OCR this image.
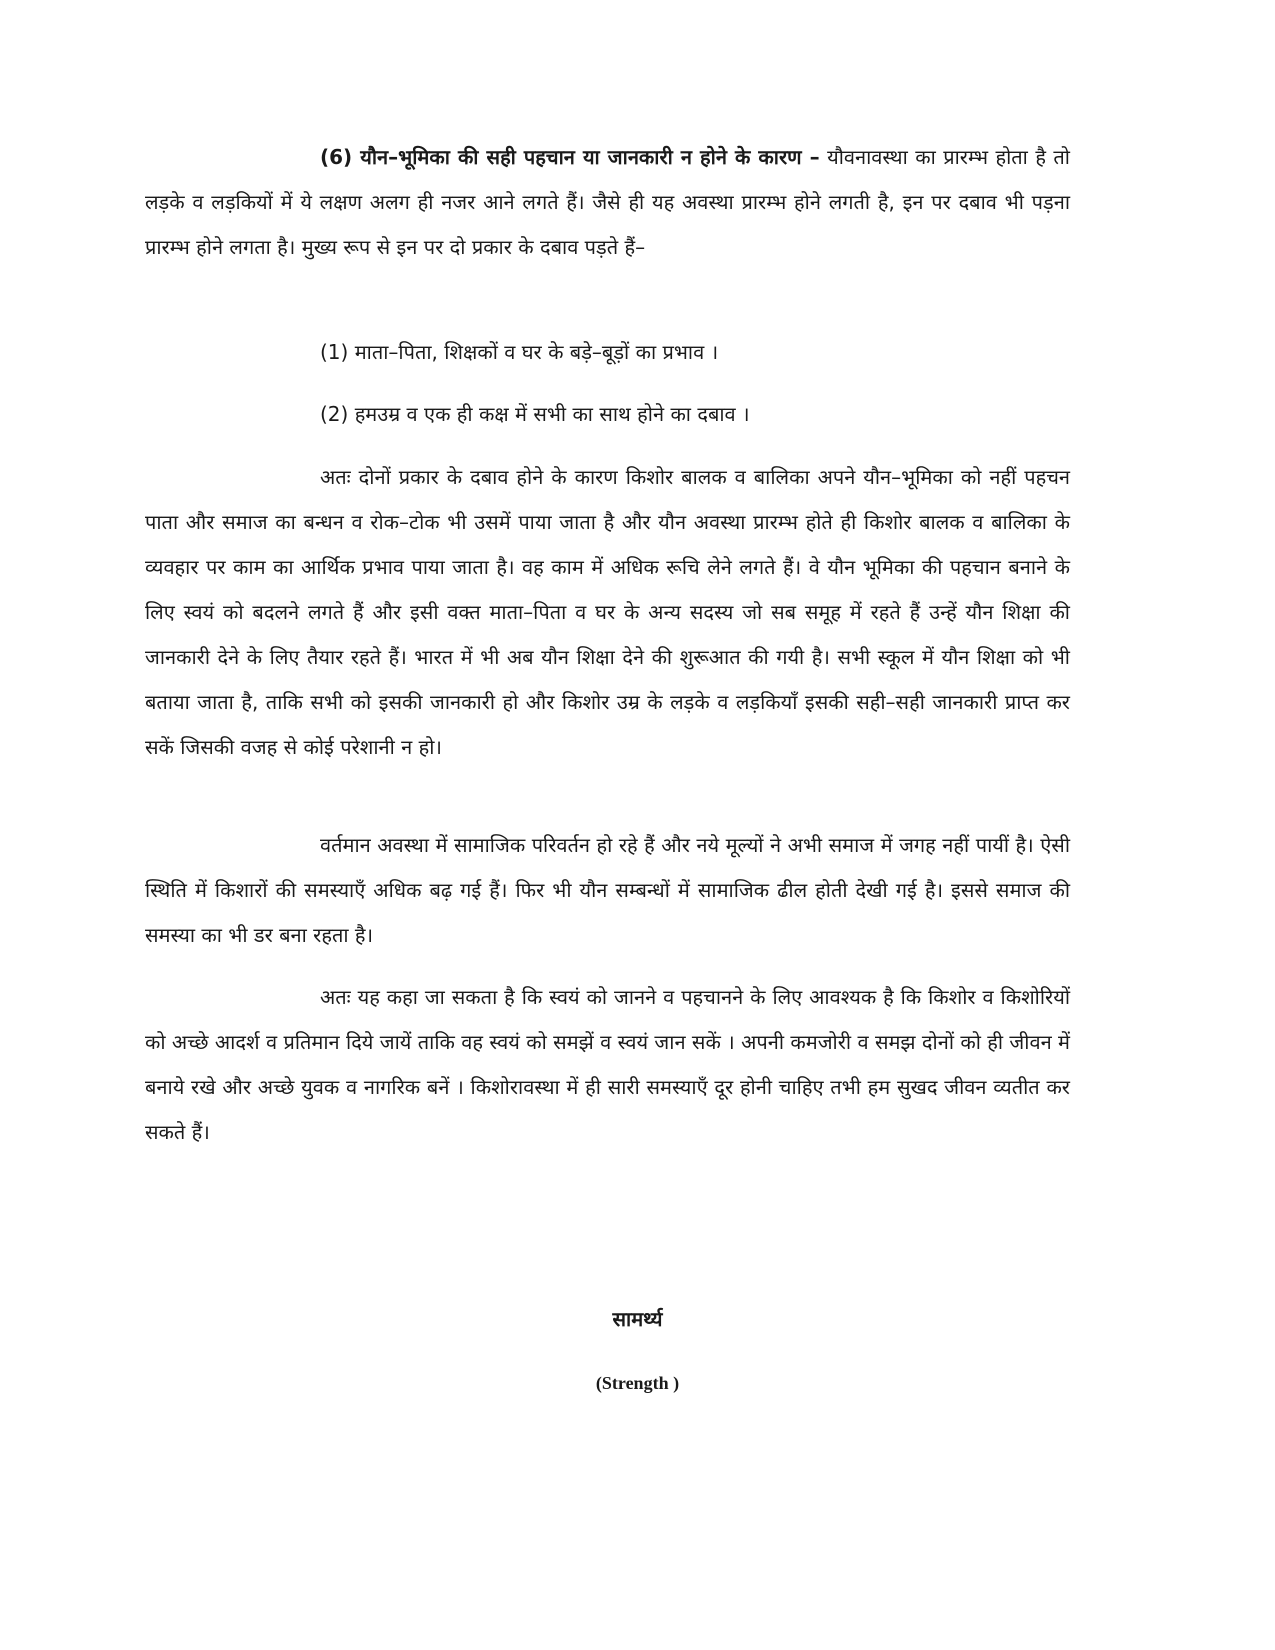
(6) यौन–भूमिका की सही पहचान या जानकारी न होने के कारण – यौवनावस्था का प्रारम्भ होता है तो लड़के व लड़कियों में ये लक्षण अलग ही नजर आने लगते हैं। जैसे ही यह अवस्था प्रारम्भ होने लगती है, इन पर दबाव भी पड़ना प्रारम्भ होने लगता है। मुख्य रूप से इन पर दो प्रकार के दबाव पड़ते हैं–

(1) माता–पिता, शिक्षकों व घर के बड़े–बूड़ों का प्रभाव ।

(2) हमउम्र व एक ही कक्ष में सभी का साथ होने का दबाव ।

अतः दोनों प्रकार के दबाव होने के कारण किशोर बालक व बालिका अपने यौन–भूमिका को नहीं पहचन पाता और समाज का बन्धन व रोक–टोक भी उसमें पाया जाता है और यौन अवस्था प्रारम्भ होते ही किशोर बालक व बालिका के व्यवहार पर काम का आर्थिक प्रभाव पाया जाता है। वह काम में अधिक रूचि लेने लगते हैं। वे यौन भूमिका की पहचान बनाने के लिए स्वयं को बदलने लगते हैं और इसी वक्त माता–पिता व घर के अन्य सदस्य जो सब समूह में रहते हैं उन्हें यौन शिक्षा की जानकारी देने के लिए तैयार रहते हैं। भारत में भी अब यौन शिक्षा देने की शुरूआत की गयी है। सभी स्कूल में यौन शिक्षा को भी बताया जाता है, ताकि सभी को इसकी जानकारी हो और किशोर उम्र के लड़के व लड़कियाँ इसकी सही–सही जानकारी प्राप्त कर सकें जिसकी वजह से कोई परेशानी न हो।

वर्तमान अवस्था में सामाजिक परिवर्तन हो रहे हैं और नये मूल्यों ने अभी समाज में जगह नहीं पायीं है। ऐसी स्थिति में किशारों की समस्याएँ अधिक बढ़ गई हैं। फिर भी यौन सम्बन्धों में सामाजिक ढील होती देखी गई है। इससे समाज की समस्या का भी डर बना रहता है।

अतः यह कहा जा सकता है कि स्वयं को जानने व पहचानने के लिए आवश्यक है कि किशोर व किशोरियों को अच्छे आदर्श व प्रतिमान दिये जायें ताकि वह स्वयं को समझें व स्वयं जान सकें । अपनी कमजोरी व समझ दोनों को ही जीवन में बनाये रखे और अच्छे युवक व नागरिक बनें । किशोरावस्था में ही सारी समस्याएँ दूर होनी चाहिए तभी हम सुखद जीवन व्यतीत कर सकते हैं।

सामर्थ्य

(Strength )
